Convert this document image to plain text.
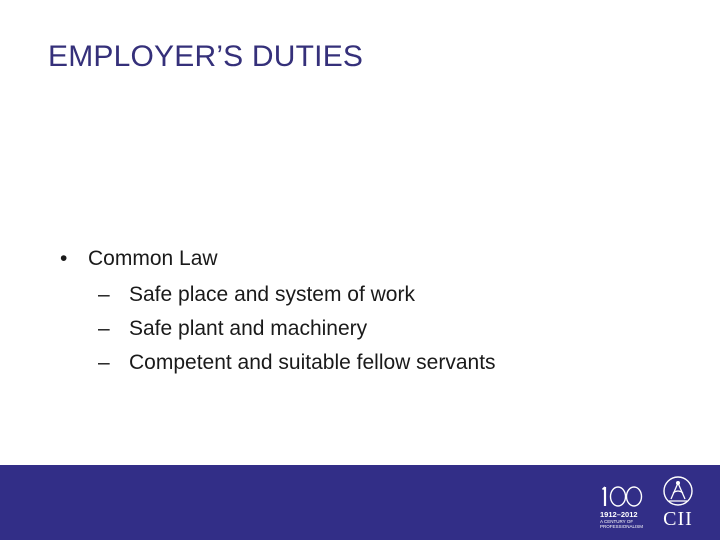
EMPLOYER’S DUTIES
• Common Law
– Safe place and system of work
– Safe plant and machinery
– Competent and suitable fellow servants
1912–2012
A CENTURY OF
PROFESSIONALISM	CII
